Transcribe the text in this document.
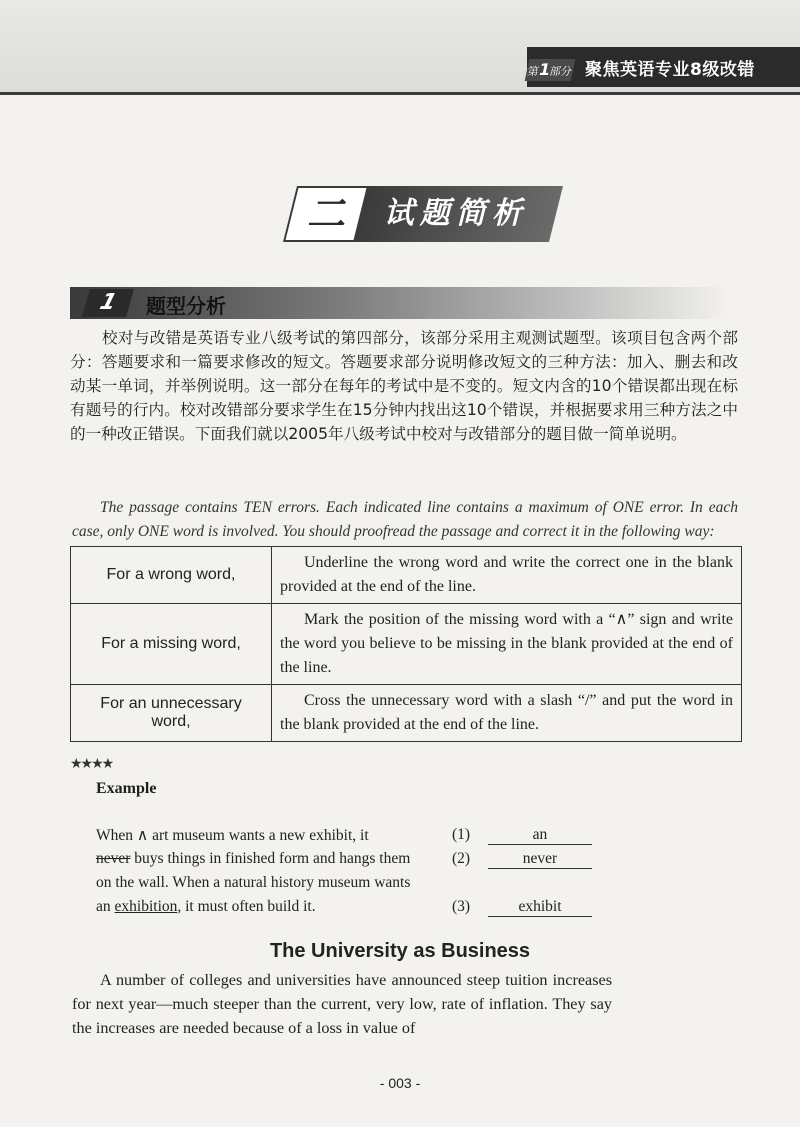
第1部分 聚焦英语专业8级改错
二 试题简析
1	题型分析
校对与改错是英语专业八级考试的第四部分，该部分采用主观测试题型。该项目包含两个部分：答题要求和一篇要求修改的短文。答题要求部分说明修改短文的三种方法：加入、删去和改动某一单词，并举例说明。这一部分在每年的考试中是不变的。短文内含的10个错误都出现在标有题号的行内。校对改错部分要求学生在15分钟内找出这10个错误，并根据要求用三种方法之中的一种改正错误。下面我们就以2005年八级考试中校对与改错部分的题目做一简单说明。
The passage contains TEN errors. Each indicated line contains a maximum of ONE error. In each case, only ONE word is involved. You should proofread the passage and correct it in the following way:
For a wrong word,	Underline the wrong word and write the correct one in the blank provided at the end of the line.
For a missing word,	Mark the position of the missing word with a “∧” sign and write the word you believe to be missing in the blank provided at the end of the line.
For an unnecessary word,	Cross the unnecessary word with a slash “/” and put the word in the blank provided at the end of the line.
★★★★
Example
When ∧ art museum wants a new exhibit, it	(1)	an
never buys things in finished form and hangs them	(2)	never
on the wall. When a natural history museum wants
an exhibition, it must often build it.	(3)	exhibit
The University as Business
A number of colleges and universities have announced steep tuition increases for next year—much steeper than the current, very low, rate of inflation. They say the increases are needed because of a loss in value of
- 003 -
